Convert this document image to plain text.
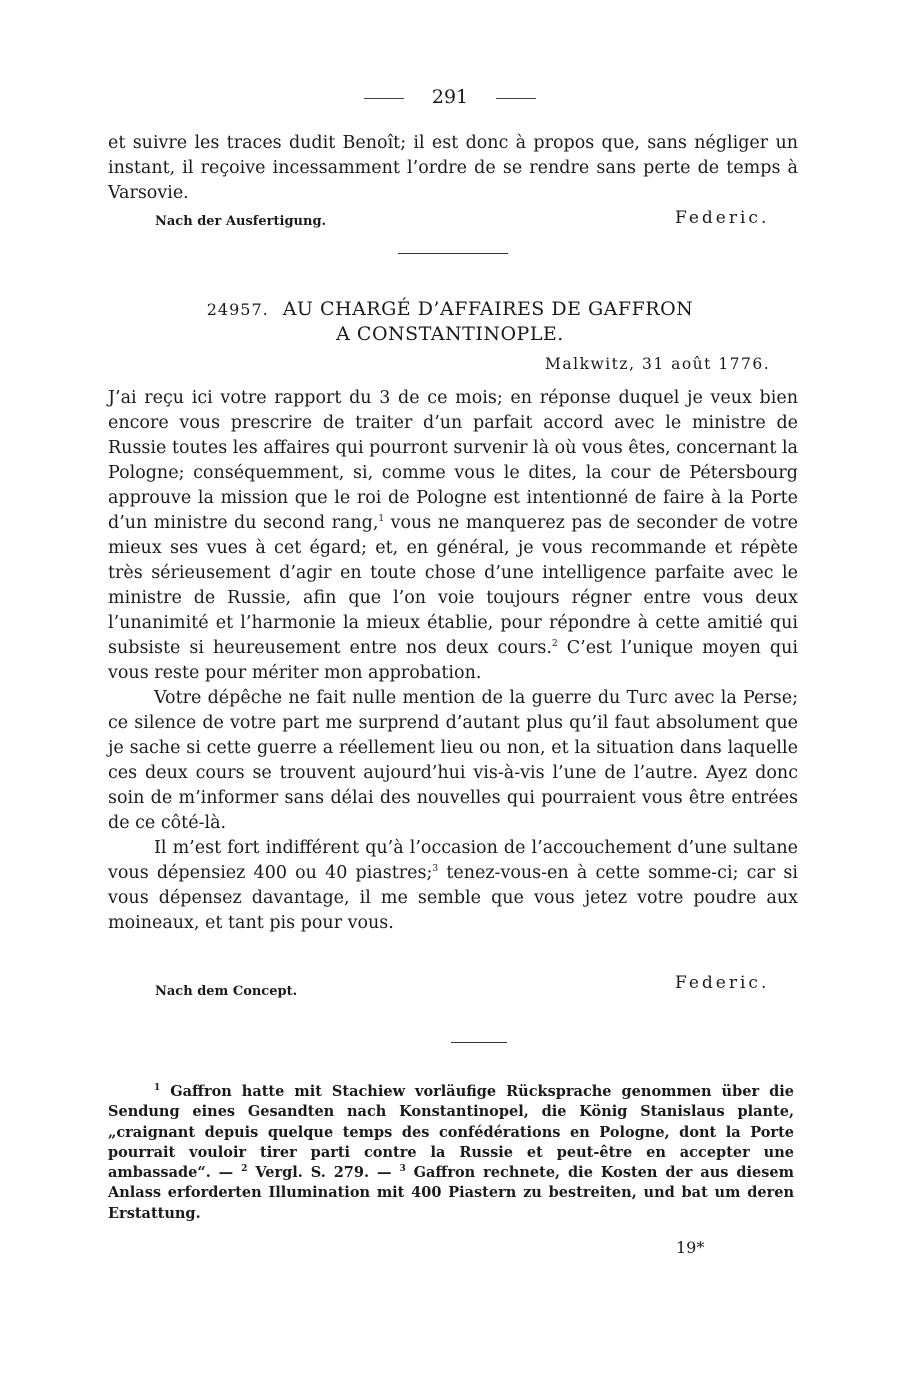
291

et suivre les traces dudit Benoît; il est donc à propos que, sans négliger un instant, il reçoive incessamment l’ordre de se rendre sans perte de temps à Varsovie.

Nach der Ausfertigung.	Federic.
24957. AU CHARGÉ D’AFFAIRES DE GAFFRON
A CONSTANTINOPLE.
Malkwitz, 31 août 1776.

J’ai reçu ici votre rapport du 3 de ce mois; en réponse duquel je veux bien encore vous prescrire de traiter d’un parfait accord avec le ministre de Russie toutes les affaires qui pourront survenir là où vous êtes, concernant la Pologne; conséquemment, si, comme vous le dites, la cour de Pétersbourg approuve la mission que le roi de Pologne est intentionné de faire à la Porte d’un ministre du second rang,$^1$ vous ne manquerez pas de seconder de votre mieux ses vues à cet égard; et, en général, je vous recommande et répète très sérieusement d’agir en toute chose d’une intelligence parfaite avec le ministre de Russie, afin que l’on voie toujours régner entre vous deux l’unanimité et l’harmonie la mieux établie, pour répondre à cette amitié qui subsiste si heureusement entre nos deux cours.$^2$ C’est l’unique moyen qui vous reste pour mériter mon approbation.

Votre dépêche ne fait nulle mention de la guerre du Turc avec la Perse; ce silence de votre part me surprend d’autant plus qu’il faut absolument que je sache si cette guerre a réellement lieu ou non, et la situation dans laquelle ces deux cours se trouvent aujourd’hui vis-à-vis l’une de l’autre. Ayez donc soin de m’informer sans délai des nouvelles qui pourraient vous être entrées de ce côté-là.

Il m’est fort indifférent qu’à l’occasion de l’accouchement d’une sultane vous dépensiez 400 ou 40 piastres;$^3$ tenez-vous-en à cette somme-ci; car si vous dépensez davantage, il me semble que vous jetez votre poudre aux moineaux, et tant pis pour vous.

Nach dem Concept.	Federic.

$^1$ Gaffron hatte mit Stachiew vorläufige Rücksprache genommen über die Sendung eines Gesandten nach Konstantinopel, die König Stanislaus plante, „craignant depuis quelque temps des confédérations en Pologne, dont la Porte pourrait vouloir tirer parti contre la Russie et peut-être en accepter une ambassade“. — $^2$ Vergl. S. 279. — $^3$ Gaffron rechnete, die Kosten der aus diesem Anlass erforderten Illumination mit 400 Piastern zu bestreiten, und bat um deren Erstattung.

19*
